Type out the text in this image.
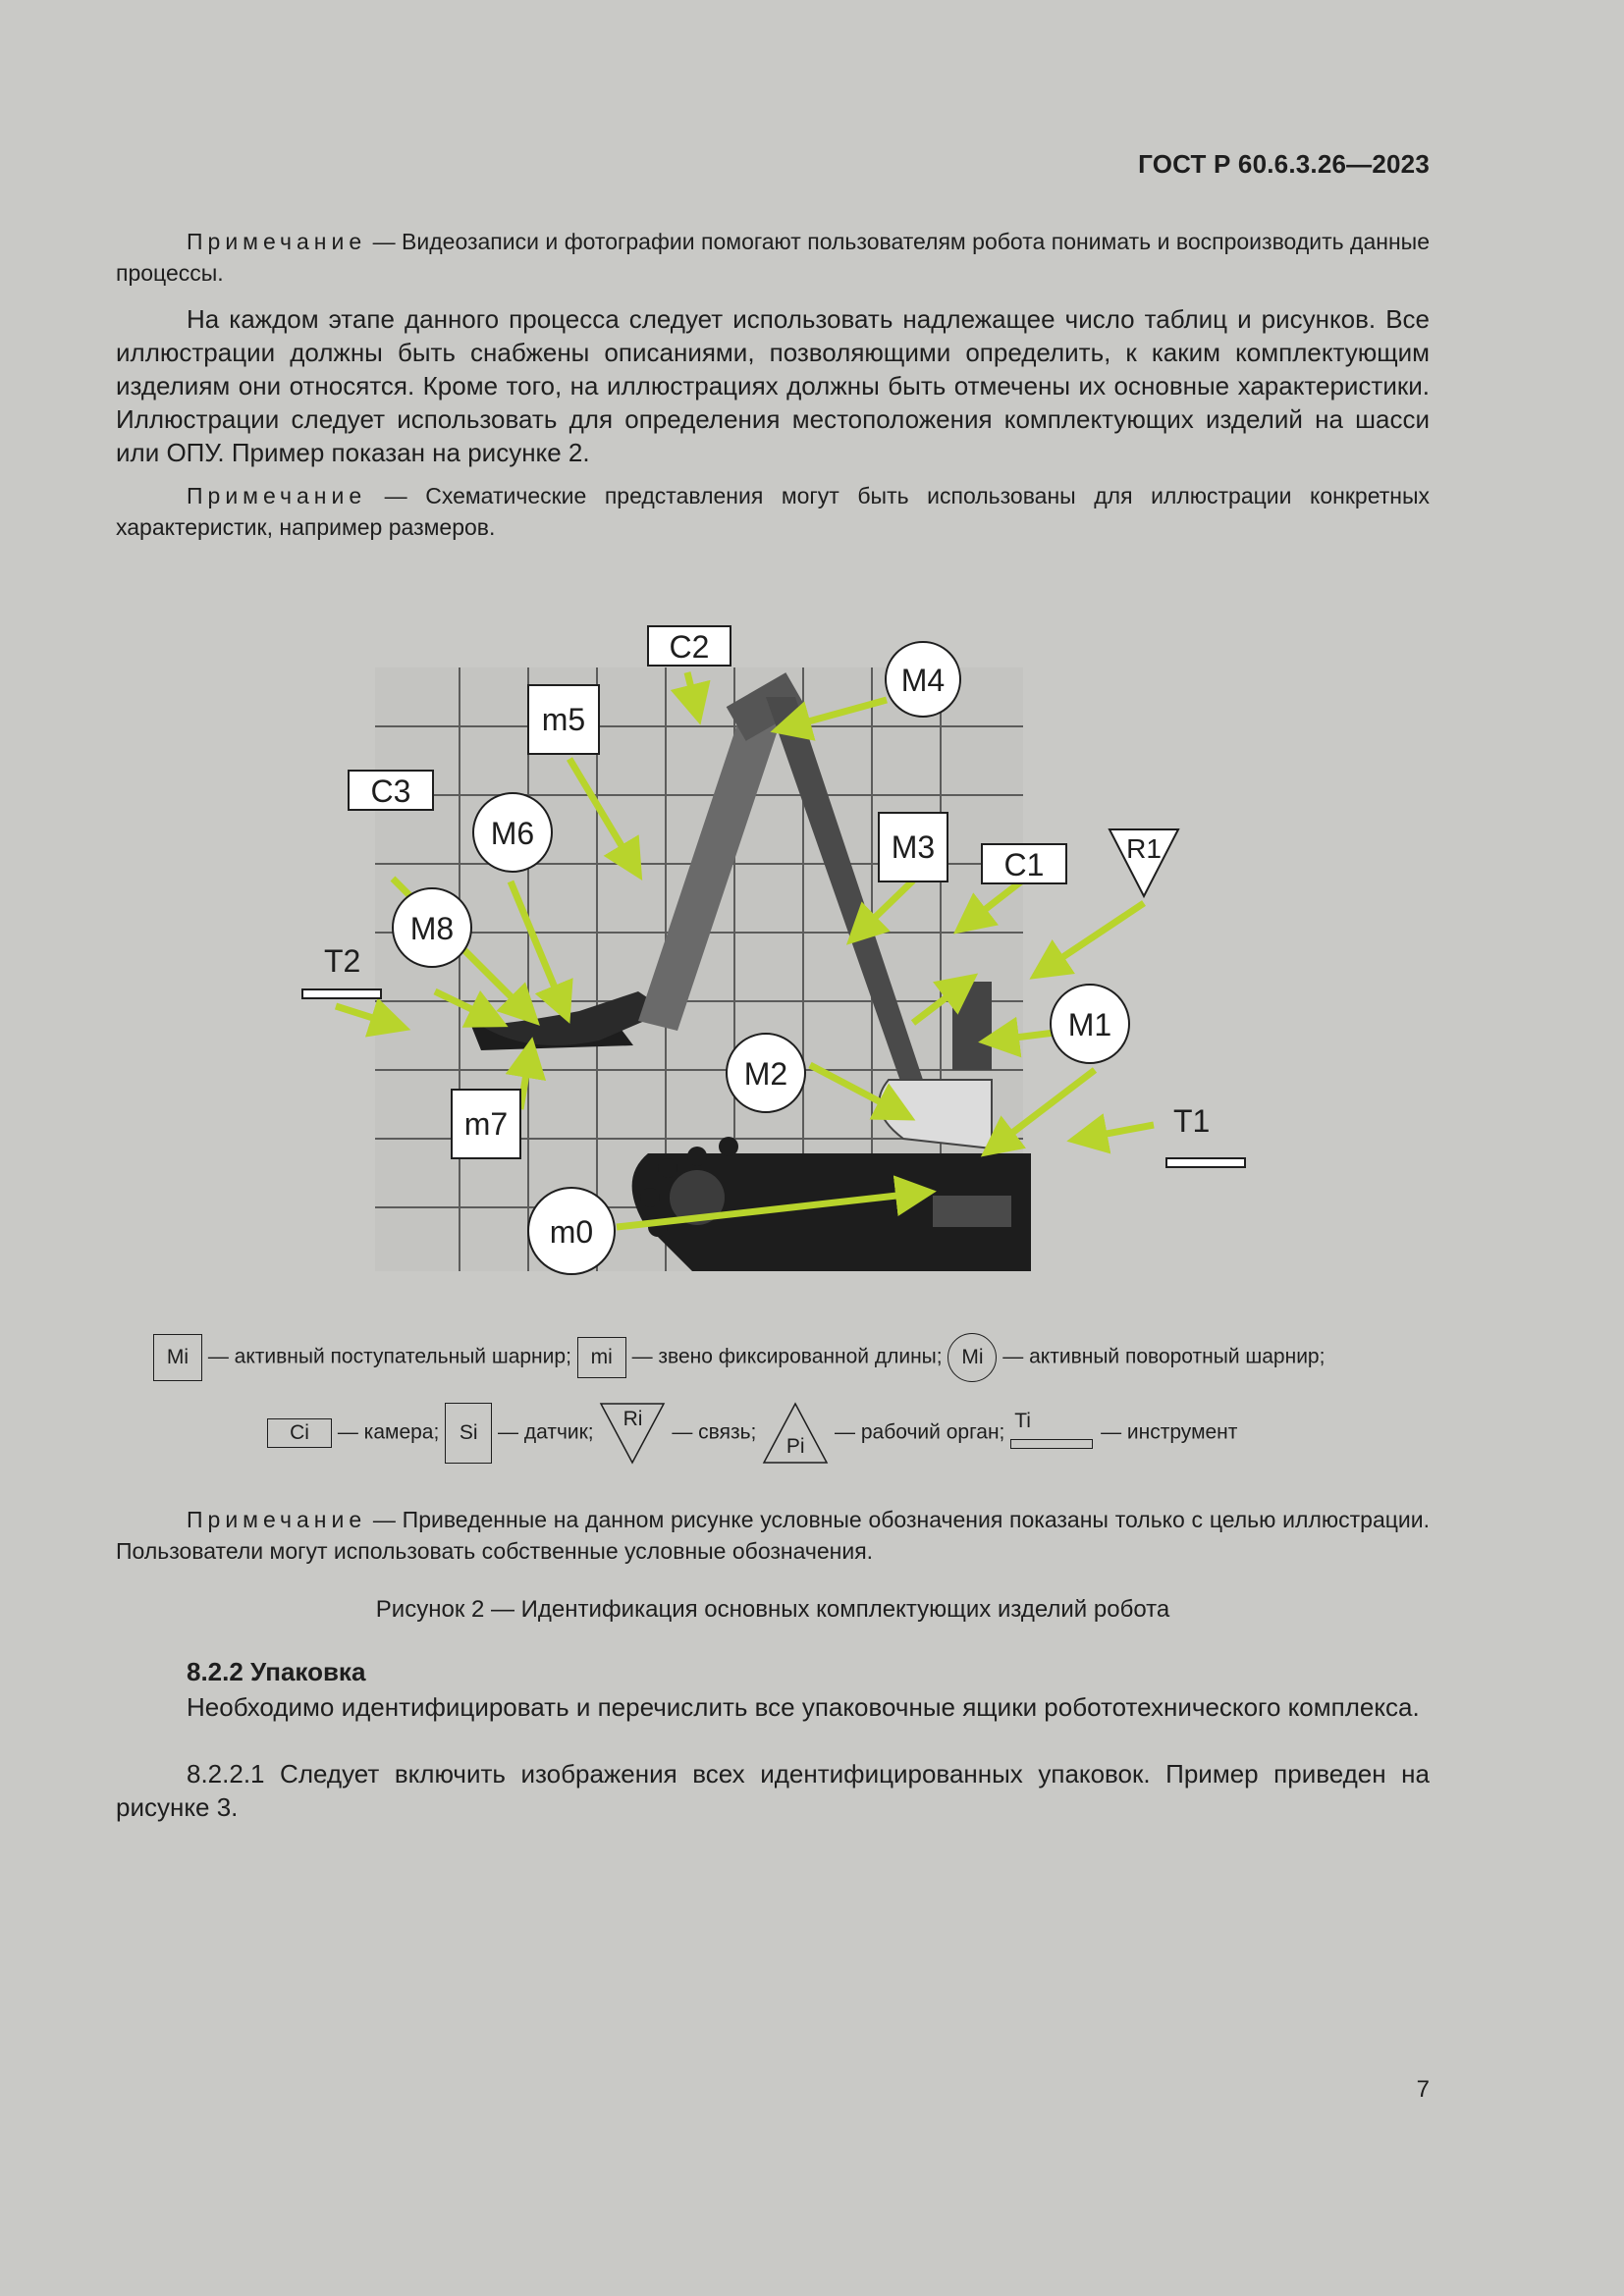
ГОСТ Р 60.6.3.26—2023
Примечание — Видеозаписи и фотографии помогают пользователям робота понимать и воспроизводить данные процессы.
На каждом этапе данного процесса следует использовать надлежащее число таблиц и рисунков. Все иллюстрации должны быть снабжены описаниями, позволяющими определить, к каким комплектующим изделиям они относятся. Кроме того, на иллюстрациях должны быть отмечены их основные характеристики. Иллюстрации следует использовать для определения местоположения комплектующих изделий на шасси или ОПУ. Пример показан на рисунке 2.
Примечание — Схематические представления могут быть использованы для иллюстрации конкретных характеристик, например размеров.
C2
M4
m5
C3
M6	M3 C1	R1
M8
T2
M1
M2
T1
m7
m0
Mi — активный поступательный шарнир; mi — звено фиксированной длины; Mi — активный поворотный шарнир;
Ci — камера; Si — датчик;
Ri
— связь;
Pi
— рабочий орган;
Ti
— инструмент
Примечание — Приведенные на данном рисунке условные обозначения показаны только с целью иллюстрации. Пользователи могут использовать собственные условные обозначения.
Рисунок 2 — Идентификация основных комплектующих изделий робота
8.2.2 Упаковка
Необходимо идентифицировать и перечислить все упаковочные ящики робототехнического комплекса.
8.2.2.1 Следует включить изображения всех идентифицированных упаковок. Пример приведен на рисунке 3.
7
